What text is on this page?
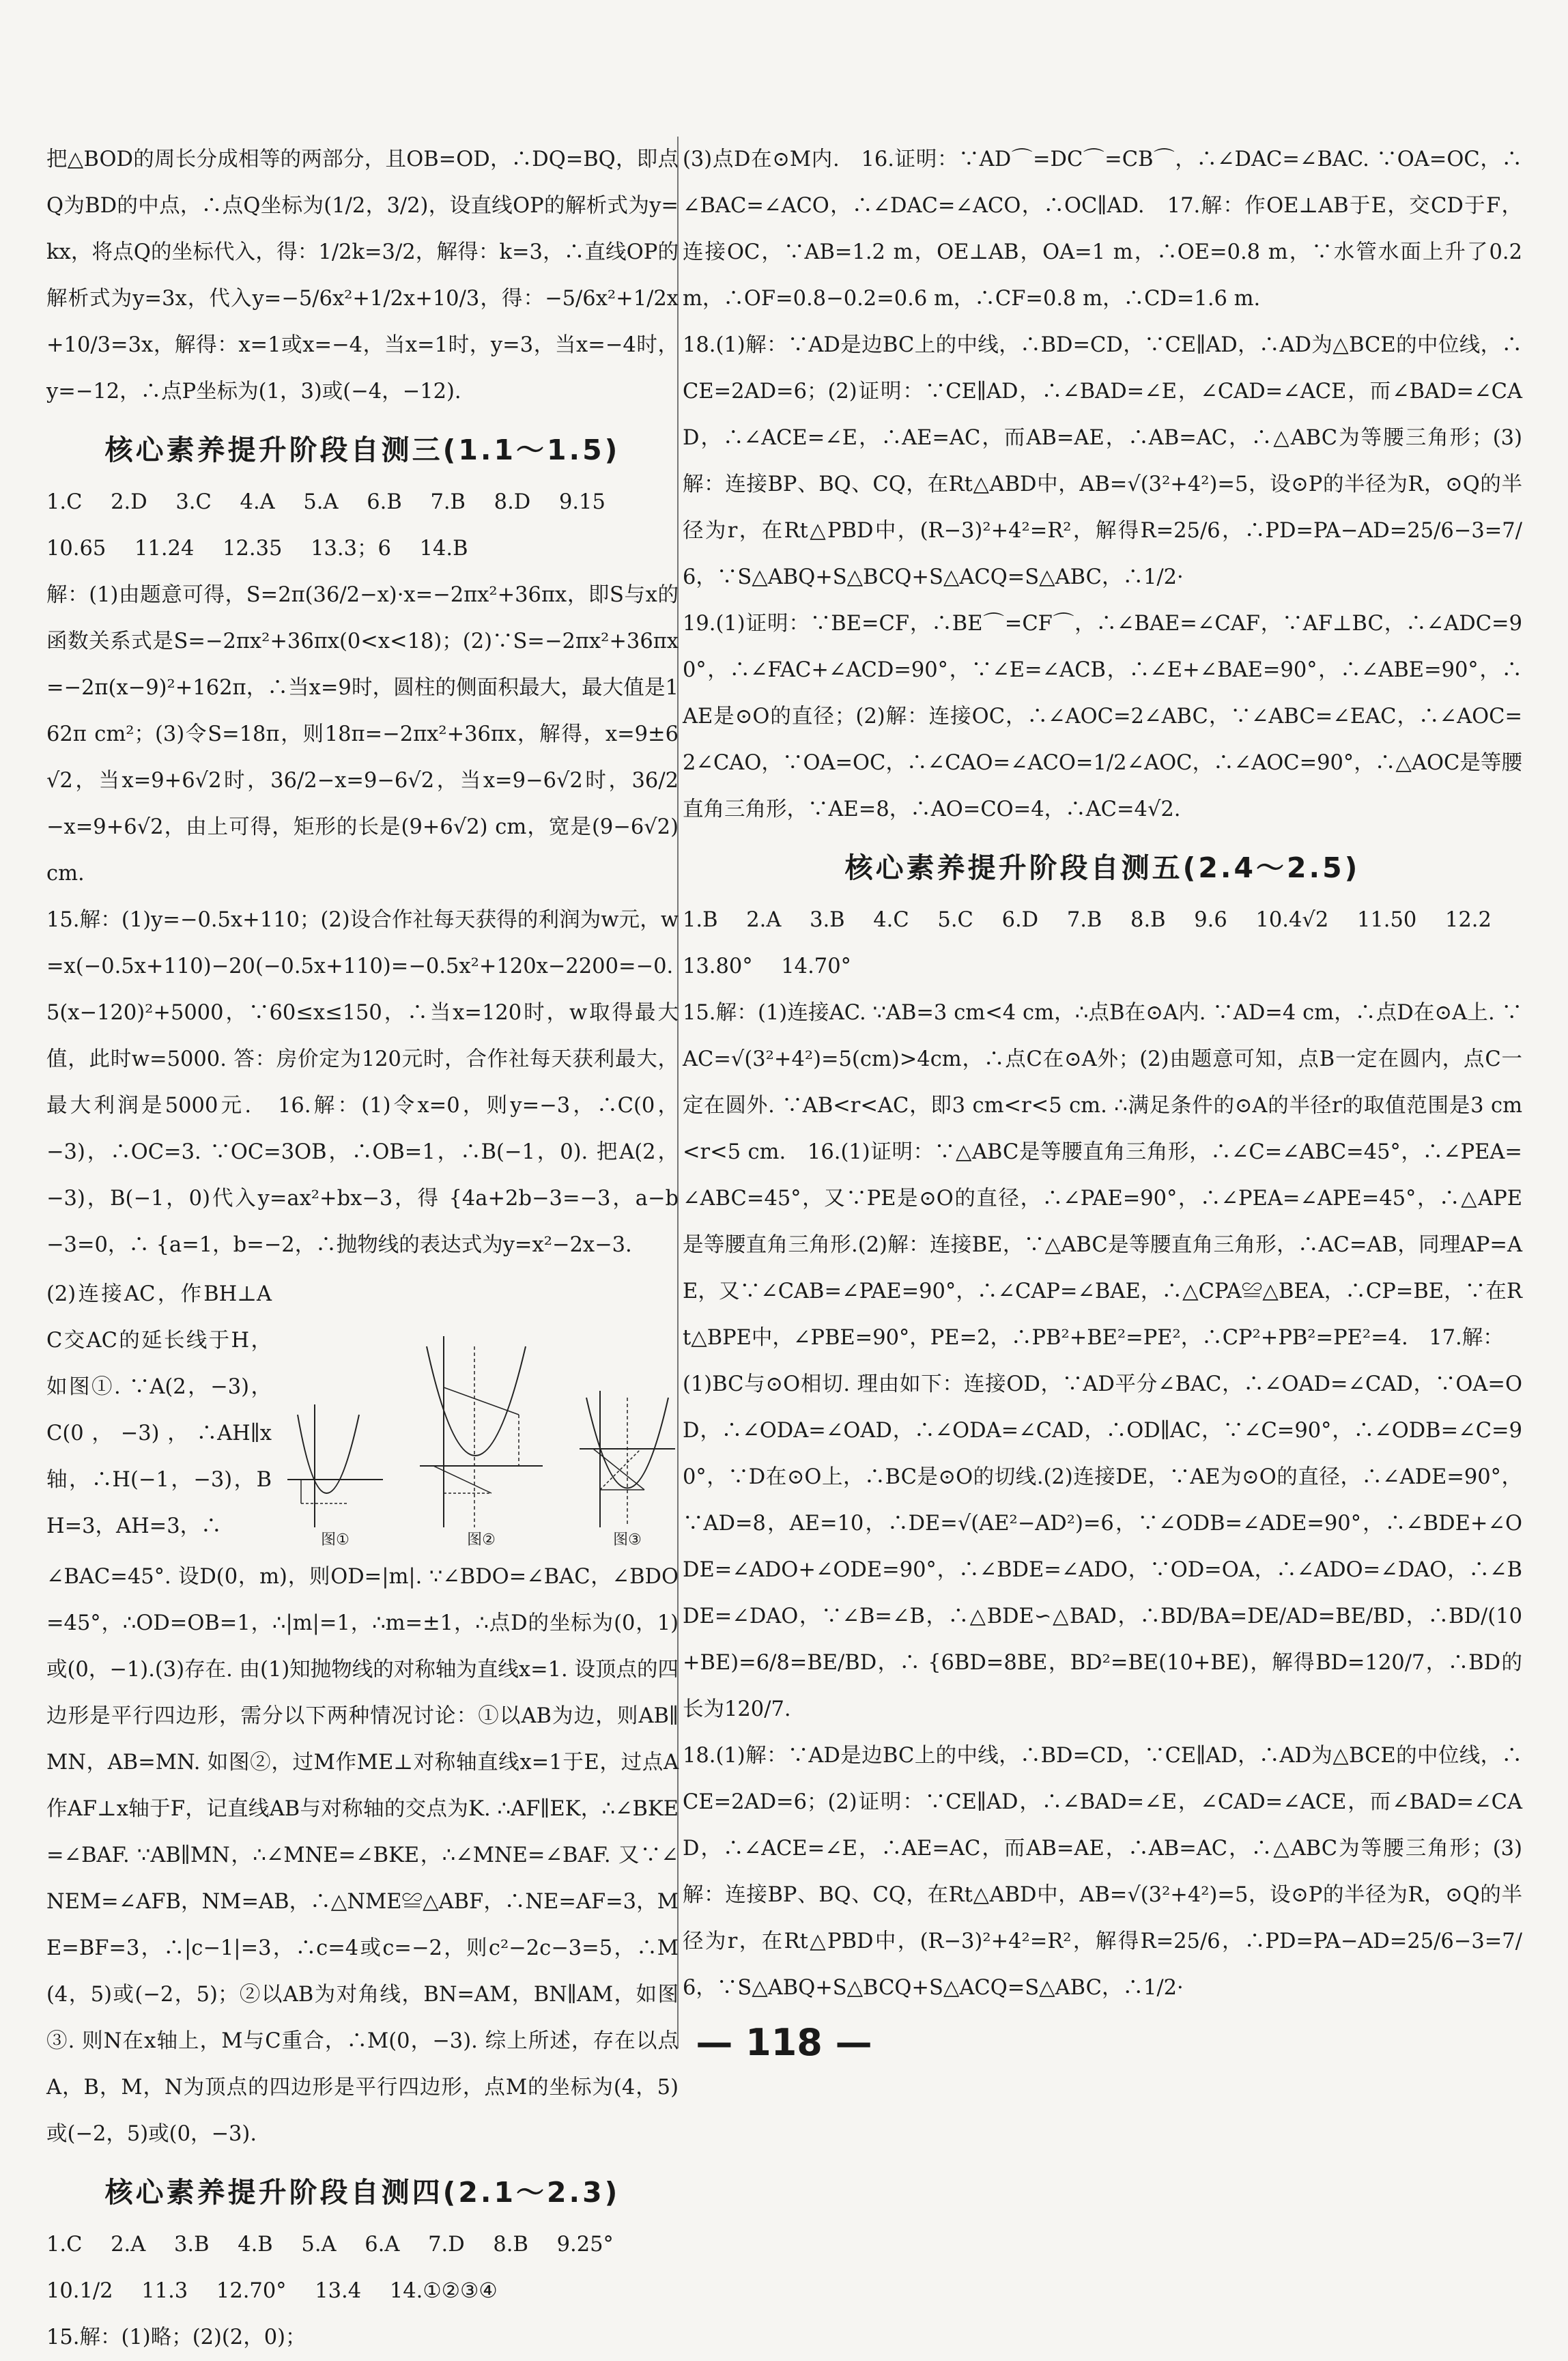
把△BOD的周长分成相等的两部分，且OB=OD，∴DQ=BQ，即点Q为BD的中点，∴点Q坐标为(1/2，3/2)，设直线OP的解析式为y=kx，将点Q的坐标代入，得：1/2k=3/2，解得：k=3，∴直线OP的解析式为y=3x，代入y=−5/6x²+1/2x+10/3，得：−5/6x²+1/2x+10/3=3x，解得：x=1或x=−4，当x=1时，y=3，当x=−4时，y=−12，∴点P坐标为(1，3)或(−4，−12).

核心素养提升阶段自测三(1.1～1.5)
1.C 2.D 3.C 4.A 5.A 6.B 7.B 8.D 9.15 10.65 11.24 12.35 13.3；6 14.B

解：(1)由题意可得，S=2π(36/2−x)·x=−2πx²+36πx，即S与x的函数关系式是S=−2πx²+36πx(0<x<18)；(2)∵S=−2πx²+36πx=−2π(x−9)²+162π，∴当x=9时，圆柱的侧面积最大，最大值是162π cm²；(3)令S=18π，则18π=−2πx²+36πx，解得，x=9±6√2，当x=9+6√2时，36/2−x=9−6√2，当x=9−6√2时，36/2−x=9+6√2，由上可得，矩形的长是(9+6√2) cm，宽是(9−6√2) cm.

15.解：(1)y=−0.5x+110；(2)设合作社每天获得的利润为w元，w=x(−0.5x+110)−20(−0.5x+110)=−0.5x²+120x−2200=−0.5(x−120)²+5000，∵60≤x≤150，∴当x=120时，w取得最大值，此时w=5000. 答：房价定为120元时，合作社每天获利最大，最大利润是5000元.　16.解：(1)令x=0，则y=−3，∴C(0，−3)，∴OC=3. ∵OC=3OB，∴OB=1，∴B(−1，0). 把A(2，−3)，B(−1，0)代入y=ax²+bx−3，得 {4a+2b−3=−3，a−b−3=0，∴ {a=1，b=−2，∴抛物线的表达式为y=x²−2x−3.

(2)连接AC，作BH⊥AC交AC的延长线于H，如图①. ∵A(2，−3)，C(0，−3)，∴AH∥x轴，∴H(−1，−3)，BH=3，AH=3，∴

图①	图②	图③

∠BAC=45°. 设D(0，m)，则OD=|m|. ∵∠BDO=∠BAC，∠BDO=45°，∴OD=OB=1，∴|m|=1，∴m=±1，∴点D的坐标为(0，1)或(0，−1).(3)存在. 由(1)知抛物线的对称轴为直线x=1. 设顶点的四边形是平行四边形，需分以下两种情况讨论：①以AB为边，则AB∥MN，AB=MN. 如图②，过M作ME⊥对称轴直线x=1于E，过点A作AF⊥x轴于F，记直线AB与对称轴的交点为K. ∴AF∥EK，∴∠BKE=∠BAF. ∵AB∥MN，∴∠MNE=∠BKE，∴∠MNE=∠BAF. 又∵∠NEM=∠AFB，NM=AB，∴△NME≌△ABF，∴NE=AF=3，ME=BF=3，∴|c−1|=3，∴c=4或c=−2，则c²−2c−3=5，∴M(4，5)或(−2，5)；②以AB为对角线，BN=AM，BN∥AM，如图③. 则N在x轴上，M与C重合，∴M(0，−3). 综上所述，存在以点A，B，M，N为顶点的四边形是平行四边形，点M的坐标为(4，5)或(−2，5)或(0，−3).

核心素养提升阶段自测四(2.1～2.3)
1.C 2.A 3.B 4.B 5.A 6.A 7.D 8.B 9.25° 10.1/2 11.3 12.70° 13.4 14.①②③④ 15.解：(1)略；(2)(2，0)；

(3)点D在⊙M内.　16.证明：∵AD⌒=DC⌒=CB⌒，∴∠DAC=∠BAC. ∵OA=OC，∴∠BAC=∠ACO，∴∠DAC=∠ACO，∴OC∥AD.　17.解：作OE⊥AB于E，交CD于F，连接OC，∵AB=1.2 m，OE⊥AB，OA=1 m，∴OE=0.8 m，∵水管水面上升了0.2 m，∴OF=0.8−0.2=0.6 m，∴CF=0.8 m，∴CD=1.6 m.

18.(1)解：∵AD是边BC上的中线，∴BD=CD，∵CE∥AD，∴AD为△BCE的中位线，∴CE=2AD=6；(2)证明：∵CE∥AD，∴∠BAD=∠E，∠CAD=∠ACE，而∠BAD=∠CAD，∴∠ACE=∠E，∴AE=AC，而AB=AE，∴AB=AC，∴△ABC为等腰三角形；(3)解：连接BP、BQ、CQ，在Rt△ABD中，AB=√(3²+4²)=5，设⊙P的半径为R，⊙Q的半径为r，在Rt△PBD中，(R−3)²+4²=R²，解得R=25/6，∴PD=PA−AD=25/6−3=7/6，∵S△ABQ+S△BCQ+S△ACQ=S△ABC，∴1/2·

19.(1)证明：∵BE=CF，∴BE⌒=CF⌒，∴∠BAE=∠CAF，∵AF⊥BC，∴∠ADC=90°，∴∠FAC+∠ACD=90°，∵∠E=∠ACB，∴∠E+∠BAE=90°，∴∠ABE=90°，∴AE是⊙O的直径；(2)解：连接OC，∴∠AOC=2∠ABC，∵∠ABC=∠EAC，∴∠AOC=2∠CAO，∵OA=OC，∴∠CAO=∠ACO=1/2∠AOC，∴∠AOC=90°，∴△AOC是等腰直角三角形，∵AE=8，∴AO=CO=4，∴AC=4√2.

核心素养提升阶段自测五(2.4～2.5)
1.B 2.A 3.B 4.C 5.C 6.D 7.B 8.B 9.6 10.4√2 11.50 12.2 13.80° 14.70°

15.解：(1)连接AC. ∵AB=3 cm<4 cm，∴点B在⊙A内. ∵AD=4 cm，∴点D在⊙A上. ∵AC=√(3²+4²)=5(cm)>4cm，∴点C在⊙A外；(2)由题意可知，点B一定在圆内，点C一定在圆外. ∵AB<r<AC，即3 cm<r<5 cm. ∴满足条件的⊙A的半径r的取值范围是3 cm<r<5 cm.　16.(1)证明：∵△ABC是等腰直角三角形，∴∠C=∠ABC=45°，∴∠PEA=∠ABC=45°，又∵PE是⊙O的直径，∴∠PAE=90°，∴∠PEA=∠APE=45°，∴△APE是等腰直角三角形.(2)解：连接BE，∵△ABC是等腰直角三角形，∴AC=AB，同理AP=AE，又∵∠CAB=∠PAE=90°，∴∠CAP=∠BAE，∴△CPA≌△BEA，∴CP=BE，∵在Rt△BPE中，∠PBE=90°，PE=2，∴PB²+BE²=PE²，∴CP²+PB²=PE²=4.　17.解：

(1)BC与⊙O相切. 理由如下：连接OD，∵AD平分∠BAC，∴∠OAD=∠CAD，∵OA=OD，∴∠ODA=∠OAD，∴∠ODA=∠CAD，∴OD∥AC，∵∠C=90°，∴∠ODB=∠C=90°，∵D在⊙O上，∴BC是⊙O的切线.(2)连接DE，∵AE为⊙O的直径，∴∠ADE=90°，∵AD=8，AE=10，∴DE=√(AE²−AD²)=6，∵∠ODB=∠ADE=90°，∴∠BDE+∠ODE=∠ADO+∠ODE=90°，∴∠BDE=∠ADO，∵OD=OA，∴∠ADO=∠DAO，∴∠BDE=∠DAO，∵∠B=∠B，∴△BDE∽△BAD，∴BD/BA=DE/AD=BE/BD，∴BD/(10+BE)=6/8=BE/BD，∴ {6BD=8BE，BD²=BE(10+BE)，解得BD=120/7，∴BD的长为120/7.

18.(1)解：∵AD是边BC上的中线，∴BD=CD，∵CE∥AD，∴AD为△BCE的中位线，∴CE=2AD=6；(2)证明：∵CE∥AD，∴∠BAD=∠E，∠CAD=∠ACE，而∠BAD=∠CAD，∴∠ACE=∠E，∴AE=AC，而AB=AE，∴AB=AC，∴△ABC为等腰三角形；(3)解：连接BP、BQ、CQ，在Rt△ABD中，AB=√(3²+4²)=5，设⊙P的半径为R，⊙Q的半径为r，在Rt△PBD中，(R−3)²+4²=R²，解得R=25/6，∴PD=PA−AD=25/6−3=7/6，∵S△ABQ+S△BCQ+S△ACQ=S△ABC，∴1/2·

— 118 —
